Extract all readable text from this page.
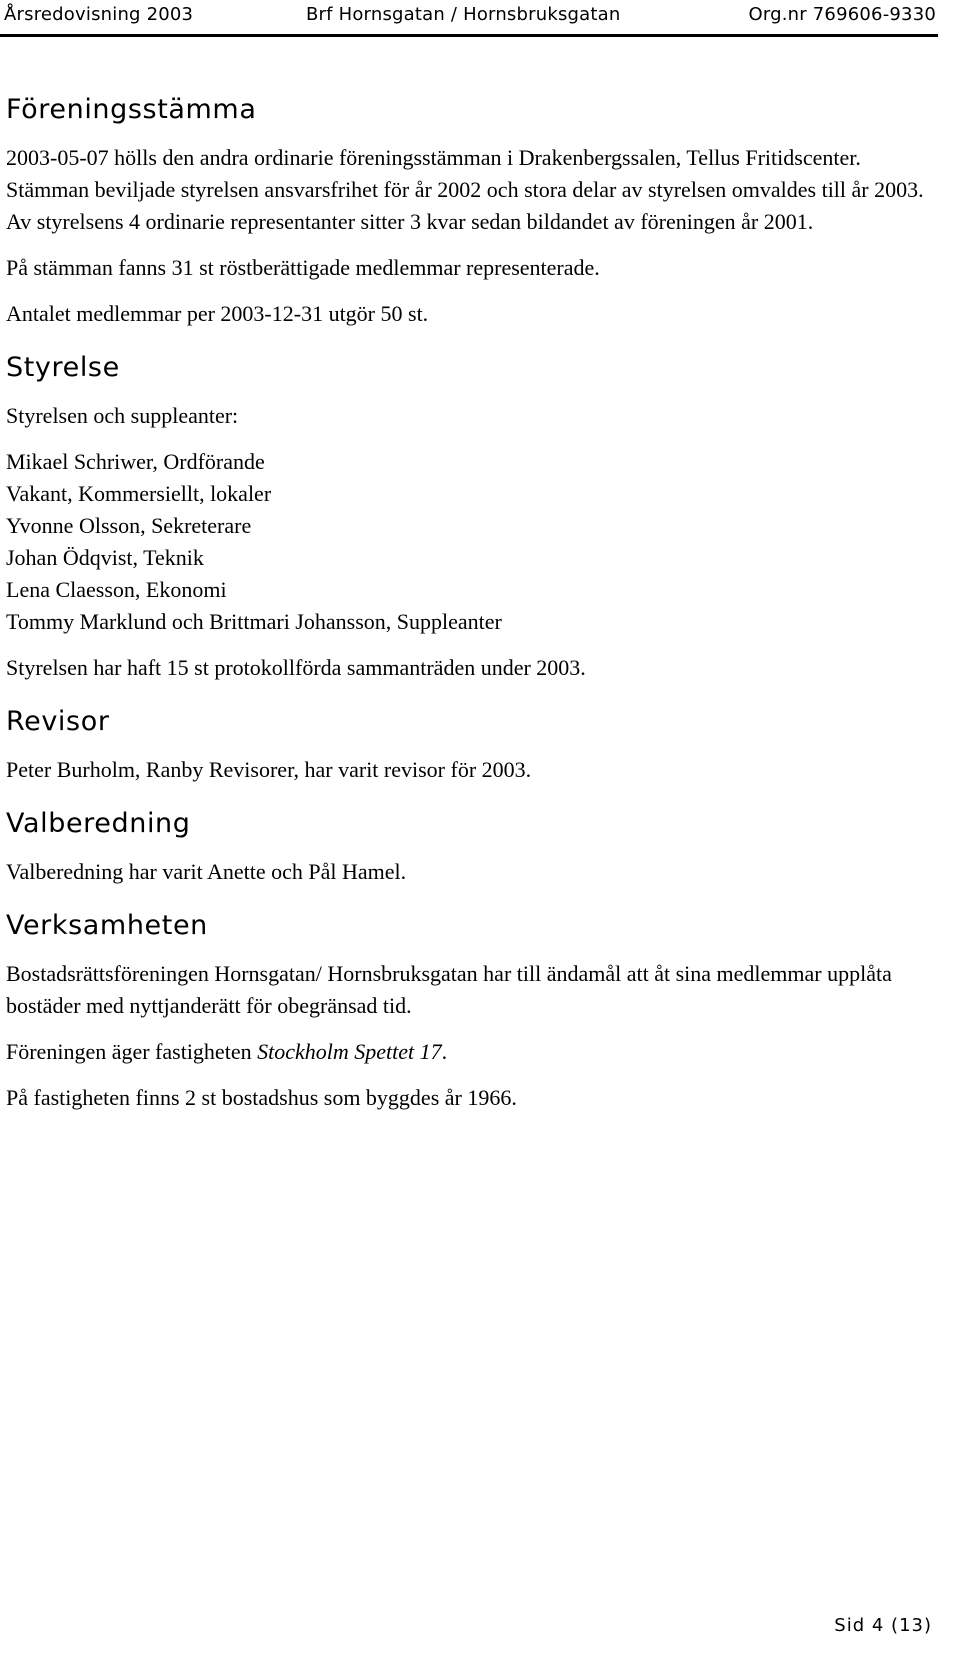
Årsredovisning 2003	Brf Hornsgatan / Hornsbruksgatan	Org.nr 769606-9330
Föreningsstämma

2003-05-07 hölls den andra ordinarie föreningsstämman i Drakenbergssalen, Tellus Fritidscenter. Stämman beviljade styrelsen ansvarsfrihet för år 2002 och stora delar av styrelsen omvaldes till år 2003. Av styrelsens 4 ordinarie representanter sitter 3 kvar sedan bildandet av föreningen år 2001.

På stämman fanns 31 st röstberättigade medlemmar representerade.

Antalet medlemmar per 2003-12-31 utgör 50 st.

Styrelse

Styrelsen och suppleanter:

Mikael Schriwer, Ordförande

Vakant, Kommersiellt, lokaler

Yvonne Olsson, Sekreterare

Johan Ödqvist, Teknik

Lena Claesson, Ekonomi

Tommy Marklund och Brittmari Johansson, Suppleanter

Styrelsen har haft 15 st protokollförda sammanträden under 2003.

Revisor

Peter Burholm, Ranby Revisorer, har varit revisor för 2003.

Valberedning

Valberedning har varit Anette och Pål Hamel.

Verksamheten

Bostadsrättsföreningen Hornsgatan/ Hornsbruksgatan har till ändamål att åt sina medlemmar upplåta bostäder med nyttjanderätt för obegränsad tid.

Föreningen äger fastigheten Stockholm Spettet 17.

På fastigheten finns 2 st bostadshus som byggdes år 1966.

Sid 4 (13)
